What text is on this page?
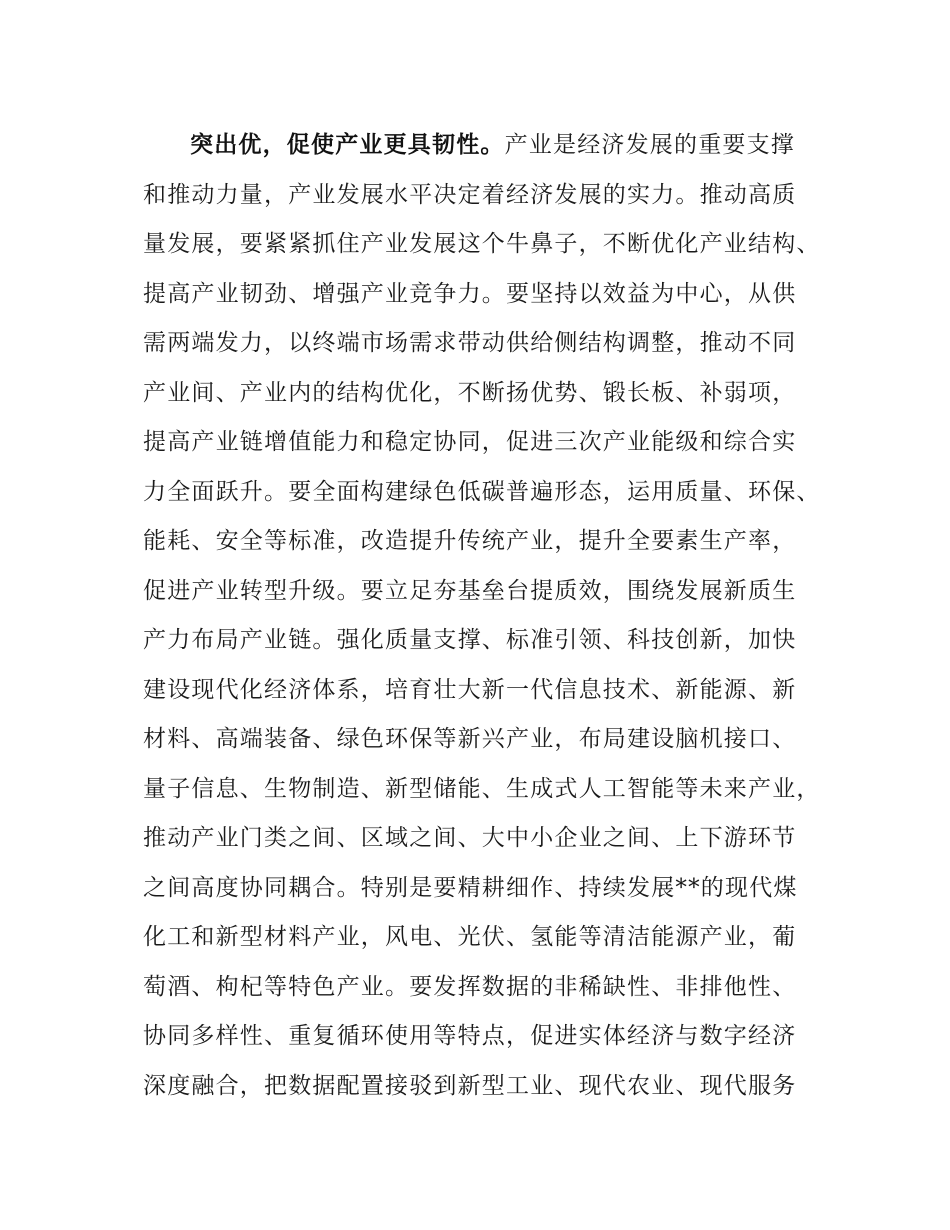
突出优，促使产业更具韧性。产业是经济发展的重要支撑
和推动力量，产业发展水平决定着经济发展的实力。推动高质
量发展，要紧紧抓住产业发展这个牛鼻子，不断优化产业结构、
提高产业韧劲、增强产业竞争力。要坚持以效益为中心，从供
需两端发力，以终端市场需求带动供给侧结构调整，推动不同
产业间、产业内的结构优化，不断扬优势、锻长板、补弱项，
提高产业链增值能力和稳定协同，促进三次产业能级和综合实
力全面跃升。要全面构建绿色低碳普遍形态，运用质量、环保、
能耗、安全等标准，改造提升传统产业，提升全要素生产率，
促进产业转型升级。要立足夯基垒台提质效，围绕发展新质生
产力布局产业链。强化质量支撑、标准引领、科技创新，加快
建设现代化经济体系，培育壮大新一代信息技术、新能源、新
材料、高端装备、绿色环保等新兴产业，布局建设脑机接口、
量子信息、生物制造、新型储能、生成式人工智能等未来产业，
推动产业门类之间、区域之间、大中小企业之间、上下游环节
之间高度协同耦合。特别是要精耕细作、持续发展**的现代煤
化工和新型材料产业，风电、光伏、氢能等清洁能源产业，葡
萄酒、枸杞等特色产业。要发挥数据的非稀缺性、非排他性、
协同多样性、重复循环使用等特点，促进实体经济与数字经济
深度融合，把数据配置接驳到新型工业、现代农业、现代服务
